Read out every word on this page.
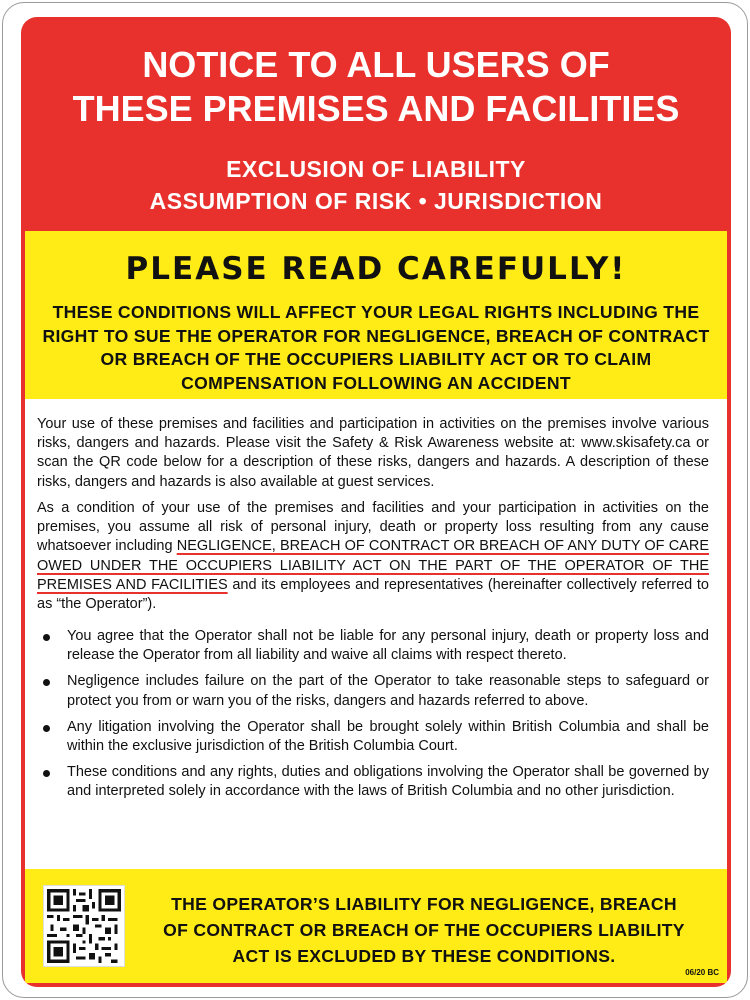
NOTICE TO ALL USERS OF
THESE PREMISES AND FACILITIES
EXCLUSION OF LIABILITY
ASSUMPTION OF RISK • JURISDICTION
PLEASE READ CAREFULLY!
THESE CONDITIONS WILL AFFECT YOUR LEGAL RIGHTS INCLUDING THE RIGHT TO SUE THE OPERATOR FOR NEGLIGENCE, BREACH OF CONTRACT OR BREACH OF THE OCCUPIERS LIABILITY ACT OR TO CLAIM COMPENSATION FOLLOWING AN ACCIDENT

Your use of these premises and facilities and participation in activities on the premises involve various risks, dangers and hazards. Please visit the Safety & Risk Awareness website at: www.skisafety.ca or scan the QR code below for a description of these risks, dangers and hazards. A description of these risks, dangers and hazards is also available at guest services.

As a condition of your use of the premises and facilities and your participation in activities on the premises, you assume all risk of personal injury, death or property loss resulting from any cause whatsoever including NEGLIGENCE, BREACH OF CONTRACT OR BREACH OF ANY DUTY OF CARE OWED UNDER THE OCCUPIERS LIABILITY ACT ON THE PART OF THE OPERATOR OF THE PREMISES AND FACILITIES and its employees and representatives (hereinafter collectively referred to as “the Operator”).

You agree that the Operator shall not be liable for any personal injury, death or property loss and release the Operator from all liability and waive all claims with respect thereto.
Negligence includes failure on the part of the Operator to take reasonable steps to safeguard or protect you from or warn you of the risks, dangers and hazards referred to above.
Any litigation involving the Operator shall be brought solely within British Columbia and shall be within the exclusive jurisdiction of the British Columbia Court.
These conditions and any rights, duties and obligations involving the Operator shall be governed by and interpreted solely in accordance with the laws of British Columbia and no other jurisdiction.
THE OPERATOR’S LIABILITY FOR NEGLIGENCE, BREACH
OF CONTRACT OR BREACH OF THE OCCUPIERS LIABILITY
ACT IS EXCLUDED BY THESE CONDITIONS.
06/20 BC
